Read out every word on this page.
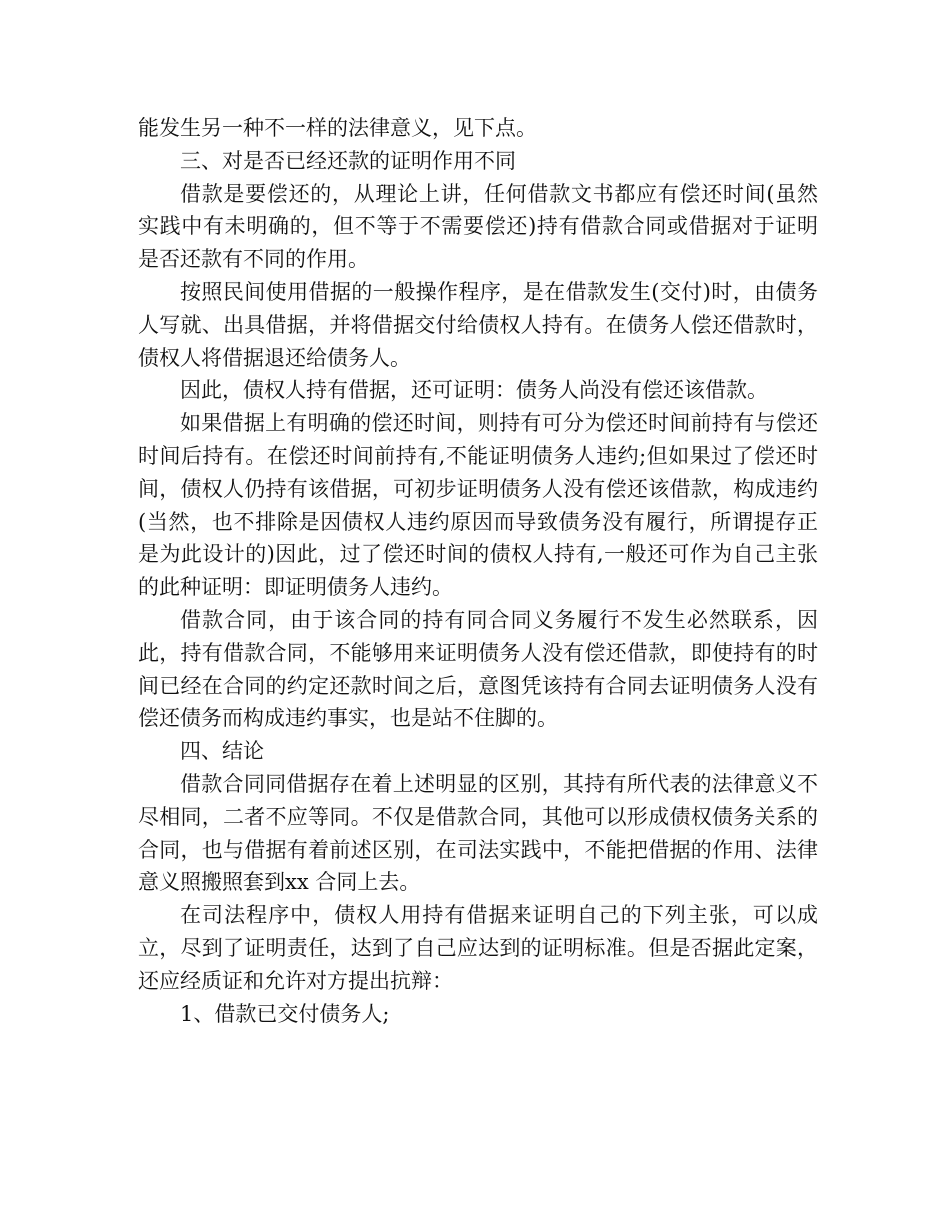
能发生另一种不一样的法律意义，见下点。

三、对是否已经还款的证明作用不同

借款是要偿还的，从理论上讲，任何借款文书都应有偿还时间(虽然实践中有未明确的，但不等于不需要偿还)持有借款合同或借据对于证明是否还款有不同的作用。

按照民间使用借据的一般操作程序，是在借款发生(交付)时，由债务人写就、出具借据，并将借据交付给债权人持有。在债务人偿还借款时，债权人将借据退还给债务人。

因此，债权人持有借据，还可证明：债务人尚没有偿还该借款。

如果借据上有明确的偿还时间，则持有可分为偿还时间前持有与偿还时间后持有。在偿还时间前持有,不能证明债务人违约;但如果过了偿还时间，债权人仍持有该借据，可初步证明债务人没有偿还该借款，构成违约(当然，也不排除是因债权人违约原因而导致债务没有履行，所谓提存正是为此设计的)因此，过了偿还时间的债权人持有,一般还可作为自己主张的此种证明：即证明债务人违约。

借款合同，由于该合同的持有同合同义务履行不发生必然联系，因此，持有借款合同，不能够用来证明债务人没有偿还借款，即使持有的时间已经在合同的约定还款时间之后，意图凭该持有合同去证明债务人没有偿还债务而构成违约事实，也是站不住脚的。

四、结论

借款合同同借据存在着上述明显的区别，其持有所代表的法律意义不尽相同，二者不应等同。不仅是借款合同，其他可以形成债权债务关系的合同，也与借据有着前述区别，在司法实践中，不能把借据的作用、法律意义照搬照套到xx 合同上去。

在司法程序中，债权人用持有借据来证明自己的下列主张，可以成立，尽到了证明责任，达到了自己应达到的证明标准。但是否据此定案，还应经质证和允许对方提出抗辩：

1、借款已交付债务人;
